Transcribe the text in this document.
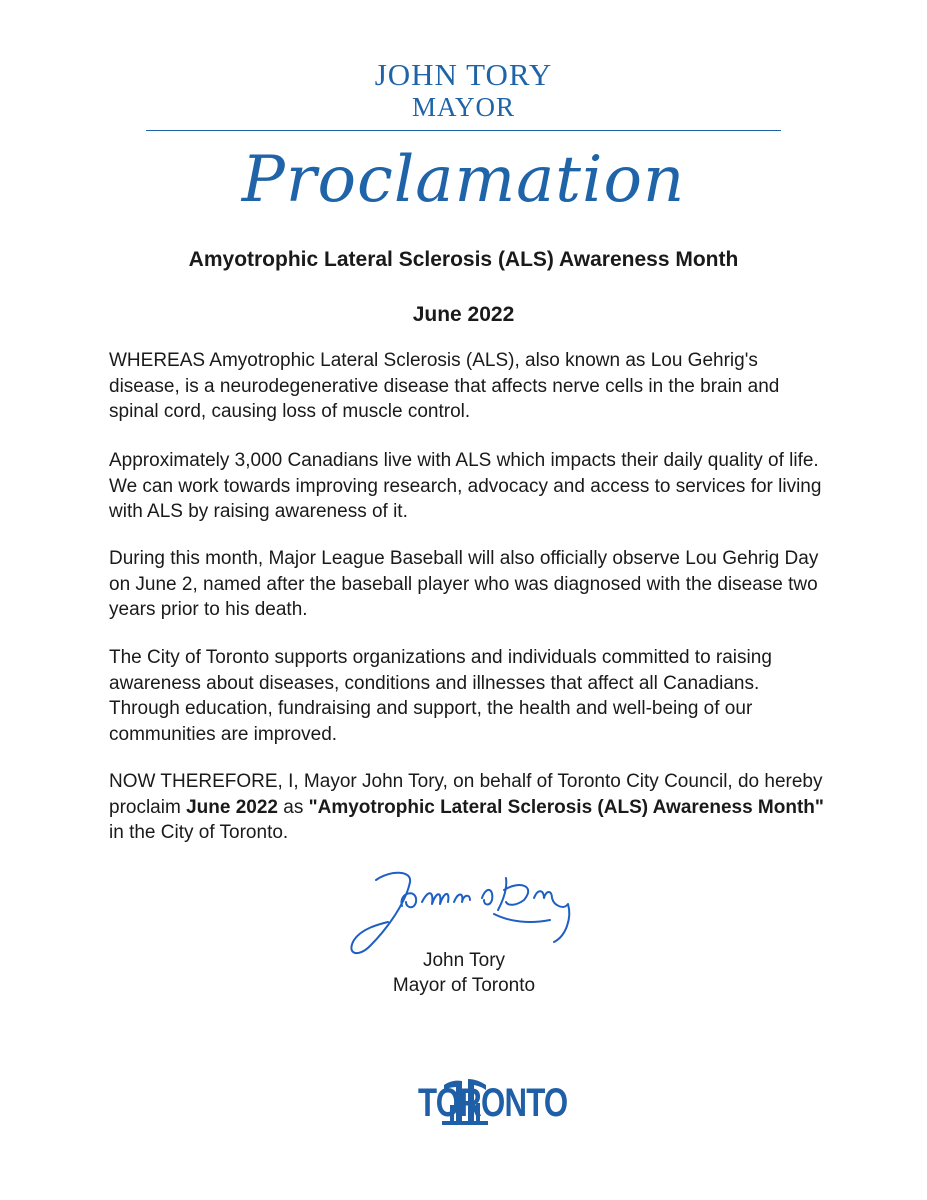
JOHN TORY
MAYOR
Proclamation
Amyotrophic Lateral Sclerosis (ALS) Awareness Month
June 2022

WHEREAS Amyotrophic Lateral Sclerosis (ALS), also known as Lou Gehrig's disease, is a neurodegenerative disease that affects nerve cells in the brain and spinal cord, causing loss of muscle control.

Approximately 3,000 Canadians live with ALS which impacts their daily quality of life. We can work towards improving research, advocacy and access to services for living with ALS by raising awareness of it.

During this month, Major League Baseball will also officially observe Lou Gehrig Day on June 2, named after the baseball player who was diagnosed with the disease two years prior to his death.

The City of Toronto supports organizations and individuals committed to raising awareness about diseases, conditions and illnesses that affect all Canadians. Through education, fundraising and support, the health and well-being of our communities are improved.

NOW THEREFORE, I, Mayor John Tory, on behalf of Toronto City Council, do hereby proclaim June 2022 as "Amyotrophic Lateral Sclerosis (ALS) Awareness Month" in the City of Toronto.

John Tory
Mayor of Toronto
TORONTO
